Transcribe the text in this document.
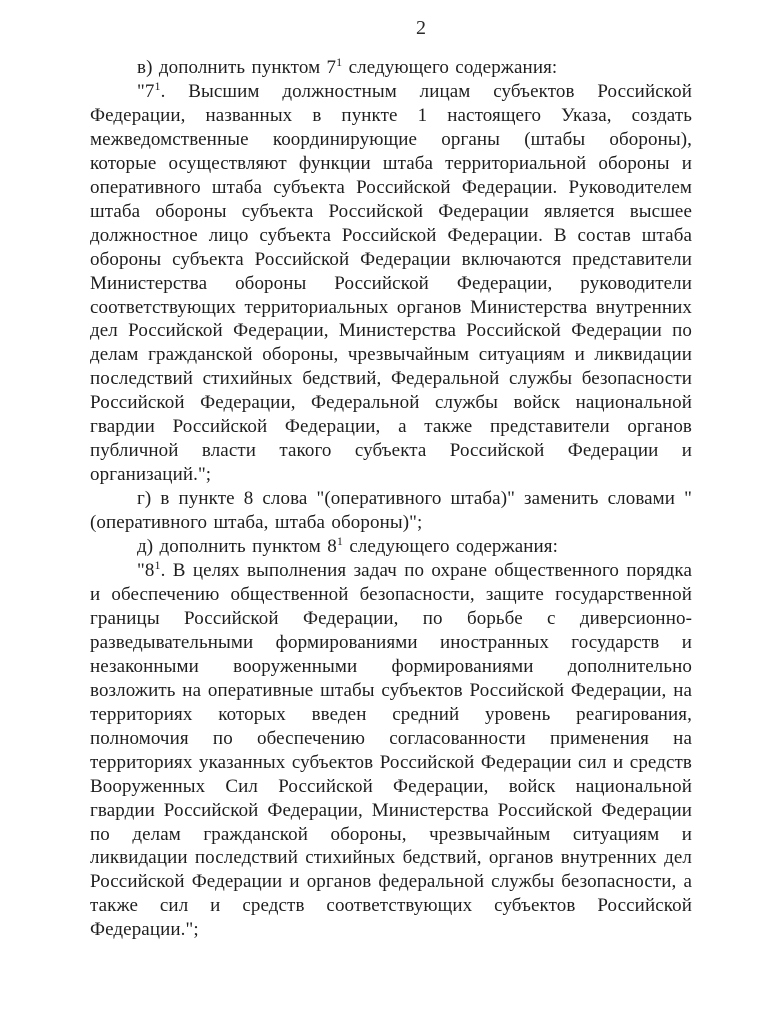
2

в) дополнить пунктом $7^1$ следующего содержания:

"$7^1$. Высшим должностным лицам субъектов Российской Федерации, названных в пункте 1 настоящего Указа, создать межведомственные координирующие органы (штабы обороны), которые осуществляют функции штаба территориальной обороны и оперативного штаба субъекта Российской Федерации. Руководителем штаба обороны субъекта Российской Федерации является высшее должностное лицо субъекта Российской Федерации. В состав штаба обороны субъекта Российской Федерации включаются представители Министерства обороны Российской Федерации, руководители соответствующих территориальных органов Министерства внутренних дел Российской Федерации, Министерства Российской Федерации по делам гражданской обороны, чрезвычайным ситуациям и ликвидации последствий стихийных бедствий, Федеральной службы безопасности Российской Федерации, Федеральной службы войск национальной гвардии Российской Федерации, а также представители органов публичной власти такого субъекта Российской Федерации и организаций.";

г) в пункте 8 слова "(оперативного штаба)" заменить словами "(оперативного штаба, штаба обороны)";

д) дополнить пунктом $8^1$ следующего содержания:

"$8^1$. В целях выполнения задач по охране общественного порядка и обеспечению общественной безопасности, защите государственной границы Российской Федерации, по борьбе с диверсионно-разведывательными формированиями иностранных государств и незаконными вооруженными формированиями дополнительно возложить на оперативные штабы субъектов Российской Федерации, на территориях которых введен средний уровень реагирования, полномочия по обеспечению согласованности применения на территориях указанных субъектов Российской Федерации сил и средств Вооруженных Сил Российской Федерации, войск национальной гвардии Российской Федерации, Министерства Российской Федерации по делам гражданской обороны, чрезвычайным ситуациям и ликвидации последствий стихийных бедствий, органов внутренних дел Российской Федерации и органов федеральной службы безопасности, а также сил и средств соответствующих субъектов Российской Федерации.";
